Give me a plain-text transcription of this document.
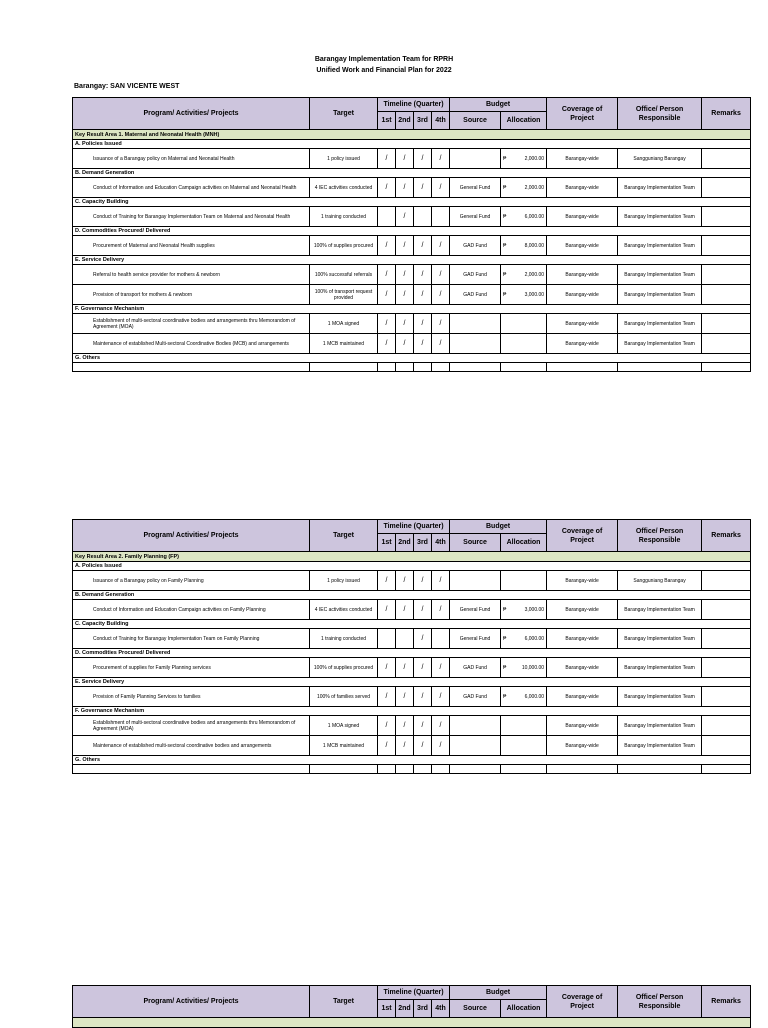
Barangay Implementation Team for RPRH
Unified Work and Financial Plan for 2022
Barangay: SAN VICENTE WEST
Program/ Activities/ Projects	Target	Timeline (Quarter)				Budget		Coverage of Project	Office/ Person Responsible	Remarks
		1st	2nd	3rd	4th	Source	Allocation			
Key Result Area 1. Maternal and Neonatal Health (MNH)										
A. Policies Issued										
Issuance of a Barangay policy on Maternal and Neonatal Health	1 policy issued	/	/	/	/		₱ 2,000.00	Barangay-wide	Sangguniang Barangay	
B. Demand Generation										
Conduct of Information and Education Campaign activities on Maternal and Neonatal Health	4 IEC activities conducted	/	/	/	/	General Fund	₱ 2,000.00	Barangay-wide	Barangay Implementation Team	
C. Capacity Building										
Conduct of Training for Barangay Implementation Team on Maternal and Neonatal Health	1 training conducted		/			General Fund	₱ 6,000.00	Barangay-wide	Barangay Implementation Team	
D. Commodities Procured/ Delivered										
Procurement of Maternal and Neonatal Health supplies	100% of supplies procured	/	/	/	/	GAD Fund	₱ 8,000.00	Barangay-wide	Barangay Implementation Team	
E. Service Delivery										
Referral to health service provider for mothers & newborn	100% successful referrals	/	/	/	/	GAD Fund	₱ 2,000.00	Barangay-wide	Barangay Implementation Team	
Provision of transport for mothers & newborn	100% of transport request provided	/	/	/	/	GAD Fund	₱ 3,000.00	Barangay-wide	Barangay Implementation Team	
F. Governance Mechanism										
Establishment of multi-sectoral coordinative bodies and arrangements thru Memorandom of Agreement (MOA)	1 MOA signed	/	/	/	/			Barangay-wide	Barangay Implementation Team	
Maintenance of established Multi-sectoral Coordinative Bodies (MCB) and arrangements	1 MCB maintained	/	/	/	/			Barangay-wide	Barangay Implementation Team	
G. Others										

Program/ Activities/ Projects	Target	Timeline (Quarter)				Budget		Coverage of Project	Office/ Person Responsible	Remarks
		1st	2nd	3rd	4th	Source	Allocation			
Key Result Area 2. Family Planning (FP)										
A. Policies Issued										
Issuance of a Barangay policy on Family Planning	1 policy issued	/	/	/	/			Barangay-wide	Sangguniang Barangay	
B. Demand Generation										
Conduct of Information and Education Campaign activities on Family Planning	4 IEC activities conducted	/	/	/	/	General Fund	₱ 3,000.00	Barangay-wide	Barangay Implementation Team	
C. Capacity Building										
Conduct of Training for Barangay Implementation Team on Family Planning	1 training conducted			/		General Fund	₱ 6,000.00	Barangay-wide	Barangay Implementation Team	
D. Commodities Procured/ Delivered										
Procurement of supplies for Family Planning services	100% of supplies procured	/	/	/	/	GAD Fund	₱ 10,000.00	Barangay-wide	Barangay Implementation Team	
E. Service Delivery										
Provision of Family Planning Services to families	100% of families served	/	/	/	/	GAD Fund	₱ 6,000.00	Barangay-wide	Barangay Implementation Team	
F. Governance Mechanism										
Establishment of multi-sectoral coordinative bodies and arrangements thru Memorandom of Agreement (MOA)	1 MOA signed	/	/	/	/			Barangay-wide	Barangay Implementation Team	
Maintenance of established multi-sectoral coordinative bodies and arrangements	1 MCB maintained	/	/	/	/			Barangay-wide	Barangay Implementation Team	
G. Others										

Program/ Activities/ Projects	Target	Timeline (Quarter)				Budget		Coverage of Project	Office/ Person Responsible	Remarks
		1st	2nd	3rd	4th	Source	Allocation			
